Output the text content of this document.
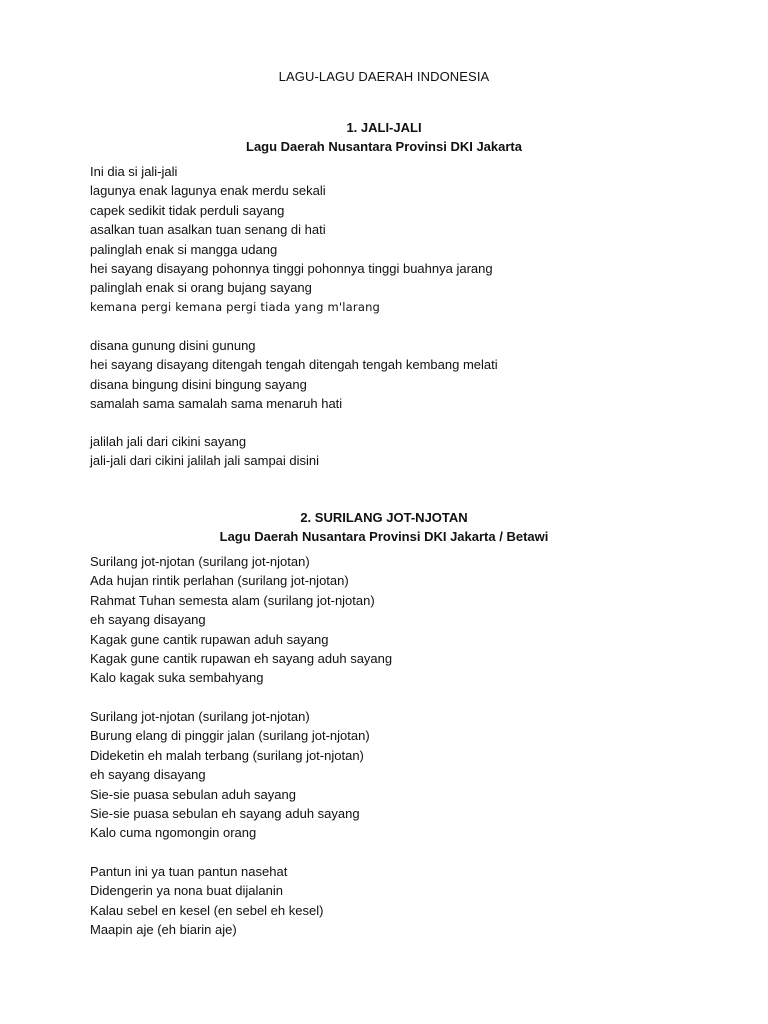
LAGU-LAGU DAERAH INDONESIA
1. JALI-JALI
Lagu Daerah Nusantara Provinsi DKI Jakarta
Ini dia si jali-jali
lagunya enak lagunya enak merdu sekali
capek sedikit tidak perduli sayang
asalkan tuan asalkan tuan senang di hati
palinglah enak si mangga udang
hei sayang disayang pohonnya tinggi pohonnya tinggi buahnya jarang
palinglah enak si orang bujang sayang
kemana pergi kemana pergi tiada yang m'larang
disana gunung disini gunung
hei sayang disayang ditengah tengah ditengah tengah kembang melati
disana bingung disini bingung sayang
samalah sama samalah sama menaruh hati
jalilah jali dari cikini sayang
jali-jali dari cikini jalilah jali sampai disini
2. SURILANG JOT-NJOTAN
Lagu Daerah Nusantara Provinsi DKI Jakarta / Betawi
Surilang jot-njotan (surilang jot-njotan)
Ada hujan rintik perlahan (surilang jot-njotan)
Rahmat Tuhan semesta alam (surilang jot-njotan)
eh sayang disayang
Kagak gune cantik rupawan aduh sayang
Kagak gune cantik rupawan eh sayang aduh sayang
Kalo kagak suka sembahyang
Surilang jot-njotan (surilang jot-njotan)
Burung elang di pinggir jalan (surilang jot-njotan)
Dideketin eh malah terbang (surilang jot-njotan)
eh sayang disayang
Sie-sie puasa sebulan aduh sayang
Sie-sie puasa sebulan eh sayang aduh sayang
Kalo cuma ngomongin orang
Pantun ini ya tuan pantun nasehat
Didengerin ya nona buat dijalanin
Kalau sebel en kesel (en sebel eh kesel)
Maapin aje (eh biarin aje)
